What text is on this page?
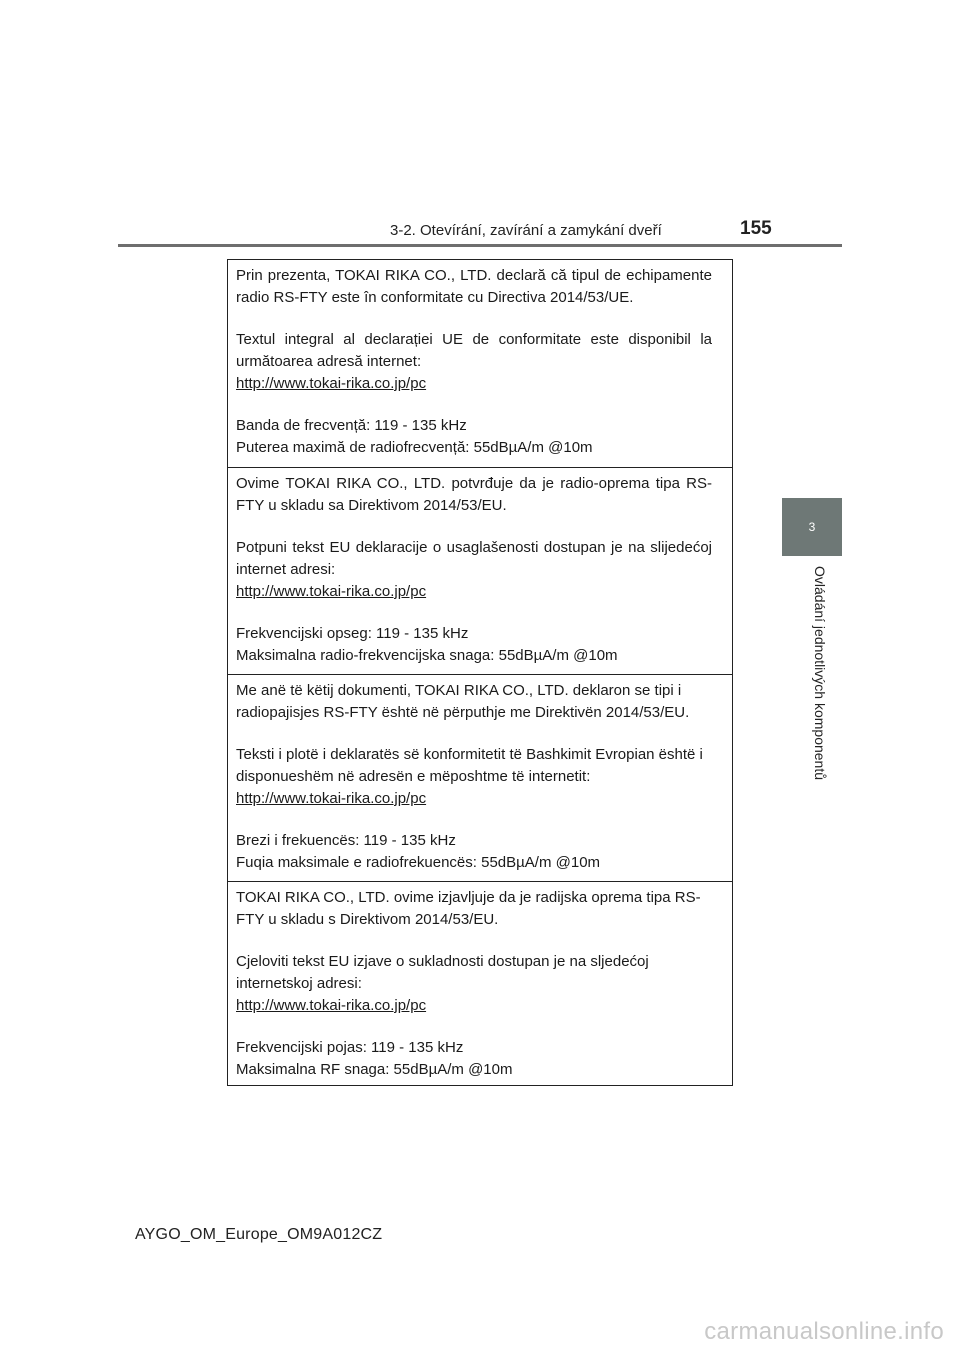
3-2. Otevírání, zavírání a zamykání dveří	155
3
Ovládání jednotlivých komponentů

Prin prezenta, TOKAI RIKA CO., LTD. declară că tipul de echipamente radio RS-FTY este în conformitate cu Directiva 2014/53/UE.

Textul integral al declarației UE de conformitate este disponibil la următoarea adresă internet:

http://www.tokai-rika.co.jp/pc

Banda de frecvență: 119 - 135 kHz

Puterea maximă de radiofrecvență: 55dBµA/m @10m

Ovime TOKAI RIKA CO., LTD. potvrđuje da je radio-oprema tipa RS-FTY u skladu sa Direktivom 2014/53/EU.

Potpuni tekst EU deklaracije o usaglašenosti dostupan je na slijedećoj internet adresi:

http://www.tokai-rika.co.jp/pc

Frekvencijski opseg: 119 - 135 kHz

Maksimalna radio-frekvencijska snaga: 55dBµA/m @10m

Me anë të këtij dokumenti, TOKAI RIKA CO., LTD. deklaron se tipi i radiopajisjes RS-FTY është në përputhje me Direktivën 2014/53/EU.

Teksti i plotë i deklaratës së konformitetit të Bashkimit Evropian është i disponueshëm në adresën e mëposhtme të internetit:

http://www.tokai-rika.co.jp/pc

Brezi i frekuencës: 119 - 135 kHz

Fuqia maksimale e radiofrekuencës: 55dBµA/m @10m

TOKAI RIKA CO., LTD. ovime izjavljuje da je radijska oprema tipa RS-FTY u skladu s Direktivom 2014/53/EU.

Cjeloviti tekst EU izjave o sukladnosti dostupan je na sljedećoj internetskoj adresi:

http://www.tokai-rika.co.jp/pc

Frekvencijski pojas: 119 - 135 kHz

Maksimalna RF snaga: 55dBµA/m @10m

AYGO_OM_Europe_OM9A012CZ
carmanualsonline.info
